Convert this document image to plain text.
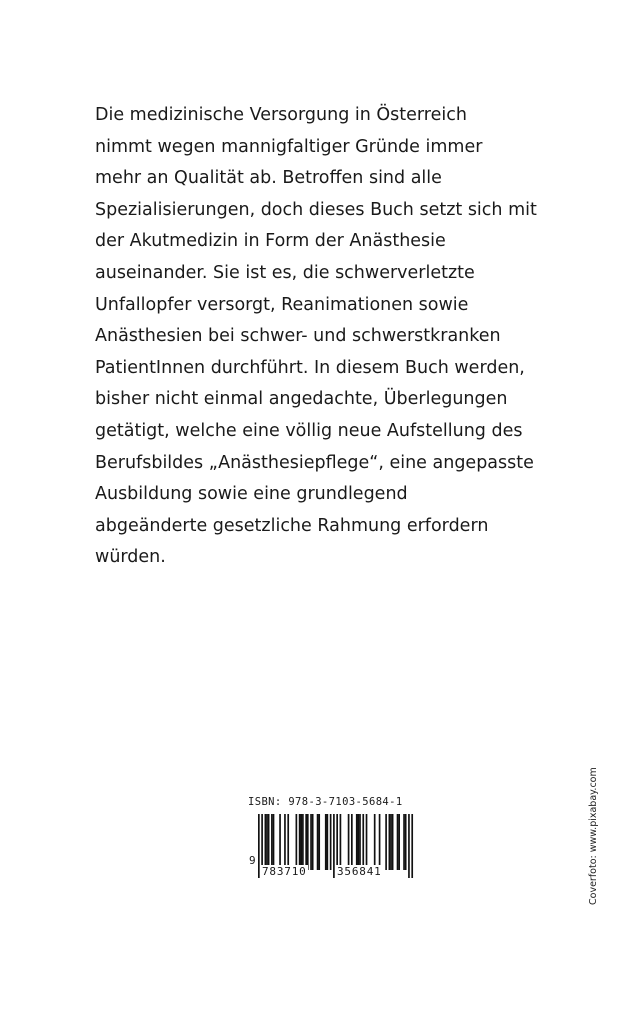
Die medizinische Versorgung in Österreich
nimmt wegen mannigfaltiger Gründe immer
mehr an Qualität ab. Betroffen sind alle
Spezialisierungen, doch dieses Buch setzt sich mit
der Akutmedizin in Form der Anästhesie
auseinander. Sie ist es, die schwerverletzte
Unfallopfer versorgt, Reanimationen sowie
Anästhesien bei schwer- und schwerstkranken
PatientInnen durchführt. In diesem Buch werden,
bisher nicht einmal angedachte, Überlegungen
getätigt, welche eine völlig neue Aufstellung des
Berufsbildes „Anästhesiepflege“, eine angepasste
Ausbildung sowie eine grundlegend
abgeänderte gesetzliche Rahmung erfordern
würden.
ISBN: 978-3-7103-5684-1
9
783710	356841	Coverfoto: www.pixabay.com
